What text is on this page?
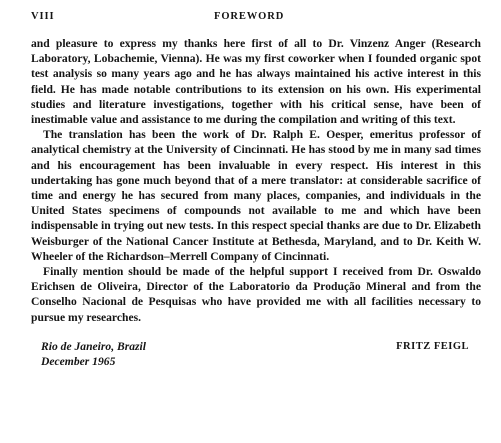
VIII	FOREWORD

and pleasure to express my thanks here first of all to Dr. Vinzenz Anger (Research Laboratory, Lobachemie, Vienna). He was my first coworker when I founded organic spot test analysis so many years ago and he has always maintained his active interest in this field. He has made notable contributions to its extension on his own. His experimental studies and literature investigations, together with his critical sense, have been of inestimable value and assistance to me during the compilation and writing of this text.

The translation has been the work of Dr. Ralph E. Oesper, emeritus professor of analytical chemistry at the University of Cincinnati. He has stood by me in many sad times and his encouragement has been invaluable in every respect. His interest in this undertaking has gone much beyond that of a mere translator: at considerable sacrifice of time and energy he has secured from many places, companies, and individuals in the United States specimens of compounds not available to me and which have been indispensable in trying out new tests. In this respect special thanks are due to Dr. Elizabeth Weisburger of the National Cancer Institute at Bethesda, Maryland, and to Dr. Keith W. Wheeler of the Richardson–Merrell Company of Cincinnati.

Finally mention should be made of the helpful support I received from Dr. Oswaldo Erichsen de Oliveira, Director of the Laboratorio da Produção Mineral and from the Conselho Nacional de Pesquisas who have provided me with all facilities necessary to pursue my researches.

Rio de Janeiro, Brazil
December 1965
FRITZ FEIGL
